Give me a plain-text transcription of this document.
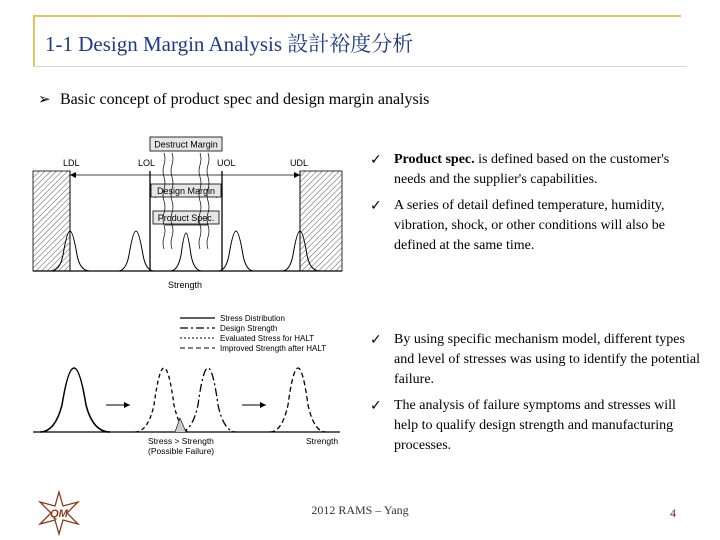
1-1 Design Margin Analysis 設計裕度分析
➢ Basic concept of product spec and design margin analysis
Destruct Margin
Design Margin
Product Spec.
LDL	LOL	UOL	UDL
Strength
Stress Distribution
Design Strength
Evaluated Stress for HALT
Improved Strength after HALT
Stress > Strength
(Possible Failure)
Strength
✓ Product spec. is defined based on the customer's needs and the supplier's capabilities.
✓ A series of detail defined temperature, humidity, vibration, shock, or other conditions will also be defined at the same time.
✓ By using specific mechanism model, different types and level of stresses was using to identify the potential failure.
✓ The analysis of failure symptoms and stresses will help to qualify design strength and manufacturing processes.
QM	2012 RAMS – Yang	4
